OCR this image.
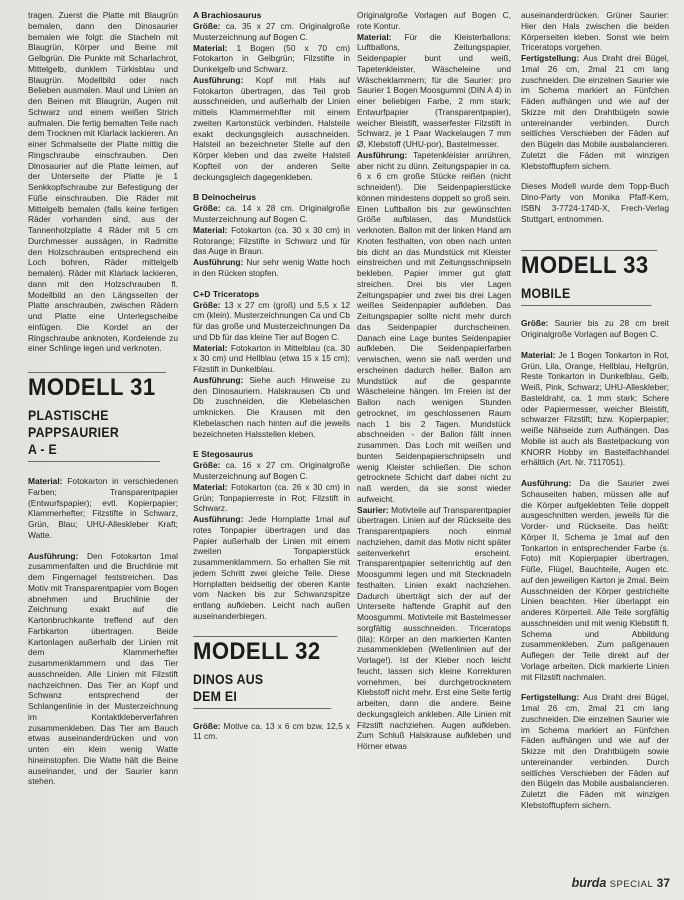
tragen. Zuerst die Platte mit Blaugrün bemalen, dann den Dinosaurier bemalen wie folgt: die Stacheln mit Blaugrün, Körper und Beine mit Gelbgrün. Die Punkte mit Scharlachrot, Mittelgelb, dunklem Türkisblau und Blaugrün. Modellbild oder nach Belieben ausmalen. Maul und Linien an den Beinen mit Blaugrün, Augen mit Schwarz und einem weißen Strich aufmalen. Die fertig bemalten Teile nach dem Trocknen mit Klarlack lackieren. An einer Schmalseite der Platte mittig die Ringschraube einschrauben. Den Dinosaurier auf die Platte leimen, auf der Unterseite der Platte je 1 Senkkopfschraube zur Befestigung der Füße einschrauben. Die Räder mit Mittelgelb bemalen (falls keine fertigen Räder vorhanden sind, aus der Tannenholzplatte 4 Räder mit 5 cm Durchmesser aussägen, in Radmitte den Holzschrauben entsprechend ein Loch bohren, Räder mittelgelb bemalen). Räder mit Klarlack lackieren, dann mit den Holzschrauben fl. Modellbild an den Längsseiten der Platte anschrauben, zwischen Rädern und Platte eine Unterlegscheibe einfügen. Die Kordel an der Ringschraube anknoten, Kordelende zu einer Schlinge legen und verknoten.

MODELL 31
PLASTISCHE
PAPPSAURIER
A - E

Material: Fotokarton in verschiedenen Farben; Transparentpapier (Entwurfspapier); evtl. Kopierpapier; Klammerhefter; Filzstifte in Schwarz, Grün, Blau; UHU-Alleskleber Kraft; Watte.

Ausführung: Den Fotokarton 1mal zusammenfalten und die Bruchlinie mit dem Fingernagel feststreichen. Das Motiv mit Transparentpapier vom Bogen abnehmen und Bruchlinie der Zeichnung exakt auf die Kartonbruchkante treffend auf den Farbkarton übertragen. Beide Kartonlagen außerhalb der Linien mit dem Klammerhefter zusammenklammern und das Tier ausschneiden. Alle Linien mit Filzstift nachzeichnen. Das Tier an Kopf und Schwanz entsprechend der Schlangenlinie in der Musterzeichnung im Kontaktkleberverfahren zusammenkleben. Das Tier am Bauch etwas auseinanderdrücken und von unten ein klein wenig Watte hineinstopfen. Die Watte hält die Beine auseinander, und der Saurier kann stehen.

A Brachiosaurus

Größe: ca. 35 x 27 cm. Originalgroße Musterzeichnung auf Bogen C.

Material: 1 Bogen (50 x 70 cm) Fotokarton in Gelbgrün; Filzstifte in Dunkelgelb und Schwarz.

Ausführung: Kopf mit Hals auf Fotokarton übertragen, das Teil grob ausschneiden, und außerhalb der Linien mittels Klammermehfter mit einem zweiten Kartonstück verbinden. Halsteile exakt deckungsgleich ausschneiden. Halsteil an bezeichneter Stelle auf den Körper kleben und das zweite Halsteil Kopfteil von der anderen Seite deckungsgleich dagegenkleben.

B Deinocheirus

Größe: ca. 14 x 28 cm. Originalgroße Musterzeichnung auf Bogen C.

Material: Fotokarton (ca. 30 x 30 cm) in Rotorange; Filzstifte in Schwarz und für das Auge in Braun.

Ausführung: Nur sehr wenig Watte hoch in den Rücken stopfen.

C+D Triceratops

Größe: 13 x 27 cm (groß) und 5,5 x 12 cm (klein). Musterzeichnungen Ca und Cb für das große und Musterzeichnungen Da und Db für das kleine Tier auf Bogen C.

Material: Fotokarton in Mittelblau (ca. 30 x 30 cm) und Hellblau (etwa 15 x 15 cm); Filzstift in Dunkelblau.

Ausführung: Siehe auch Hinweise zu den Dinosauriern. Halskrausen Cb und Db zuschneiden, die Klebelaschen umknicken. Die Krausen mit den Klebelaschen nach hinten auf die jeweils bezeichneten Halsstellen kleben.

E Stegosaurus

Größe: ca. 16 x 27 cm. Originalgroße Musterzeichnung auf Bogen C.

Material: Fotokarton (ca. 26 x 30 cm) in Grün; Tonpapierreste in Rot; Filzstift in Schwarz.

Ausführung: Jede Hornplatte 1mal auf rotes Tonpapier übertragen und das Papier außerhalb der Linien mit einem zweiten Tonpapierstück zusammenklammern. So erhalten Sie mit jedem Schritt zwei gleiche Teile. Diese Hornplatten beidseitig der oberen Kante vom Nacken bis zur Schwanzspitze entlang aufkleben. Leicht nach außen auseinanderbiegen.

MODELL 32
DINOS AUS
DEM EI

Größe: Motive ca. 13 x 6 cm bzw. 12,5 x 11 cm.

Originalgroße Vorlagen auf Bogen C, rote Kontur.

Material: Für die Kleisterballons: Luftballons, Zeitungspapier, Seidenpapier bunt und weiß, Tapetenkleister, Wäscheleine und Wäscheklammern; für die Saurier: pro Saurier 1 Bogen Moosgummi (DIN A 4) in einer beliebigen Farbe, 2 mm stark; Entwurfpapier (Transparentpapier), weicher Bleistift, wasserfester Filzstift in Schwarz, je 1 Paar Wackelaugen 7 mm Ø, Klebstoff (UHU-por), Bastelmesser.

Ausführung: Tapetenkleister anrühren, aber nicht zu dünn. Zeitungspapier in ca. 6 x 6 cm große Stücke reißen (nicht schneiden!). Die Seidenpapierstücke können mindestens doppelt so groß sein. Einen Luftballon bis zur gewünschten Größe aufblasen, das Mundstück verknoten. Ballon mit der linken Hand am Knoten festhalten, von oben nach unten bis dicht an das Mundstück mit Kleister einstreichen und mit Zeitungsschnipseln bekleben. Papier immer gut glatt streichen. Drei bis vier Lagen Zeitungspapier und zwei bis drei Lagen weißes Seidenpapier aufkleben. Das Zeitungspapier sollte nicht mehr durch das Seidenpapier durchscheinen. Danach eine Lage buntes Seidenpapier aufkleben. Die Seidenpapierfarben verwischen, wenn sie naß werden und erscheinen dadurch heller. Ballon am Mundstück auf die gespannte Wäscheleine hängen. Im Freien ist der Ballon nach wenigen Stunden getrocknet, im geschlossenen Raum nach 1 bis 2 Tagen. Mundstück abschneiden - der Ballon fällt innen zusammen. Das Loch mit weißen und bunten Seidenpapierschnipseln und wenig Kleister schließen. Die schon getrocknete Schicht darf dabei nicht zu naß werden, da sie sonst wieder aufweicht.

Saurier: Motivteile auf Transparentpapier übertragen. Linien auf der Rückseite des Transparentpapiers noch einmal nachziehen, damit das Motiv nicht später seitenverkehrt erscheint. Transparentpapier seitenrichtig auf den Moosgummi legen und mit Stecknadeln festhalten. Linien exakt nachziehen. Dadurch überträgt sich der auf der Unterseite haftende Graphit auf den Moosgummi. Motivteile mit Bastelmesser sorgfältig ausschneiden. Triceratops (lila): Körper an den markierten Kanten zusammenkleben (Wellenlinien auf der Vorlage!). Ist der Kleber noch leicht feucht, lassen sich kleine Korrekturen vornehmen, bei durchgetrocknetem Klebstoff nicht mehr. Erst eine Seite fertig arbeiten, dann die andere. Beine deckungsgleich ankleben. Alle Linien mit Filzstift nachziehen. Augen aufkleben. Zum Schluß Halskrause aufkleben und Hörner etwas

auseinanderdrücken. Grüner Saurier: Hier den Hals zwischen die beiden Körperseiten kleben. Sonst wie beim Triceratops vorgehen.

Fertigstellung: Aus Draht drei Bügel, 1mal 26 cm, 2mal 21 cm lang zuschneiden. Die einzelnen Saurier wie im Schema markiert an Fünfchen Fäden aufhängen und wie auf der Skizze mit den Drahtbügeln sowie untereinander verbinden. Durch seitliches Verschieben der Fäden auf den Bügeln das Mobile ausbalancieren. Zuletzt die Fäden mit winzigen Klebstofftupfern sichern.

Dieses Modell wurde dem Topp-Buch Dino-Party von Monika Pfaff-Kern, ISBN 3-7724-1740-X, Frech-Verlag Stuttgart, entnommen.

MODELL 33
MOBILE

Größe: Saurier bis zu 28 cm breit Originalgroße Vorlagen auf Bogen C.

Material: Je 1 Bogen Tonkarton in Rot, Grün, Lila, Orange, Hellblau, Hellgrün, Reste Tonkarton in Dunkelblau, Gelb, Weiß, Pink, Schwarz; UHU-Alleskleber; Basteldraht, ca. 1 mm stark; Schere oder Papiermesser, weicher Bleistift, schwarzer Filzstift; bzw. Kopierpapier; weiße Nähseide zum Aufhängen. Das Mobile ist auch als Bastelpackung von KNORR Hobby im Bastelfachhandel erhältlich (Art. Nr. 7117051).

Ausführung: Da die Saurier zwei Schauseiten haben, müssen alle auf die Körper aufgeklebten Teile doppelt ausgeschnitten werden, jeweils für die Vorder- und Rückseite. Das heißt: Körper II, Schema je 1mal auf den Tonkarton in entsprechender Farbe (s. Foto) mit Kopierpapier übertragen, Füße, Flügel, Bauchteile, Augen etc. auf den jeweiligen Karton je 2mal. Beim Ausschneiden der Körper gestrichelte Linien beachten. Hier überlappt ein anderes Körperteil. Alle Teile sorgfältig ausschneiden und mit wenig Klebstift ft. Schema und Abbildung zusammenkleben. Zum paßgenauen Auflegen der Teile direkt auf der Vorlage arbeiten. Dick markierte Linien mit Filzstift nachmalen.

Fertigstellung: Aus Draht drei Bügel, 1mal 26 cm, 2mal 21 cm lang zuschneiden. Die einzelnen Saurier wie im Schema markiert an Fünfchen Fäden aufhängen und wie auf der Skizze mit den Drahtbügeln sowie untereinander verbinden. Durch seitliches Verschieben der Fäden auf den Bügeln das Mobile ausbalancieren. Zuletzt die Fäden mit winzigen Klebstofftupfern sichern.

burda SPECIAL 37
